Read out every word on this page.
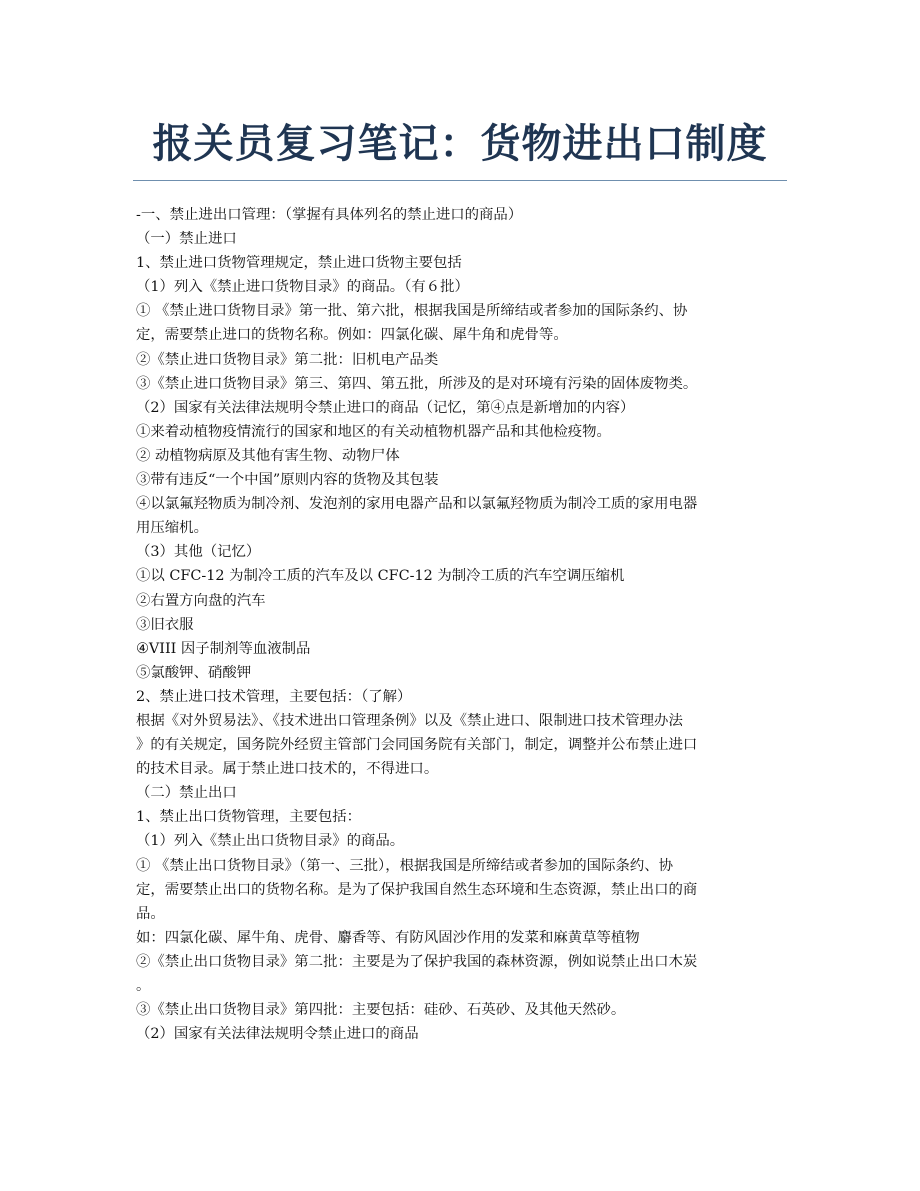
报关员复习笔记：货物进出口制度
-一、禁止进出口管理：（掌握有具体列名的禁止进口的商品）
（一）禁止进口
1、禁止进口货物管理规定，禁止进口货物主要包括
（1）列入《禁止进口货物目录》的商品。（有６批）
① 《禁止进口货物目录》第一批、第六批，根据我国是所缔结或者参加的国际条约、协
定，需要禁止进口的货物名称。例如：四氯化碳、犀牛角和虎骨等。
②《禁止进口货物目录》第二批：旧机电产品类
③《禁止进口货物目录》第三、第四、第五批，所涉及的是对环境有污染的固体废物类。
（2）国家有关法律法规明令禁止进口的商品（记忆，第④点是新增加的内容）
①来着动植物疫情流行的国家和地区的有关动植物机器产品和其他检疫物。
② 动植物病原及其他有害生物、动物尸体
③带有违反“一个中国”原则内容的货物及其包装
④以氯氟羟物质为制冷剂、发泡剂的家用电器产品和以氯氟羟物质为制冷工质的家用电器
用压缩机。
（3）其他（记忆）
①以 CFC-12 为制冷工质的汽车及以 CFC-12 为制冷工质的汽车空调压缩机
②右置方向盘的汽车
③旧衣服
④VIII 因子制剂等血液制品
⑤氯酸钾、硝酸钾
2、禁止进口技术管理，主要包括：（了解）
根据《对外贸易法》、《技术进出口管理条例》以及《禁止进口、限制进口技术管理办法
》的有关规定，国务院外经贸主管部门会同国务院有关部门，制定，调整并公布禁止进口
的技术目录。属于禁止进口技术的，不得进口。
（二）禁止出口
1、禁止出口货物管理，主要包括：
（1）列入《禁止出口货物目录》的商品。
① 《禁止出口货物目录》（第一、三批），根据我国是所缔结或者参加的国际条约、协
定，需要禁止出口的货物名称。是为了保护我国自然生态环境和生态资源，禁止出口的商
品。
如：四氯化碳、犀牛角、虎骨、麝香等、有防风固沙作用的发菜和麻黄草等植物
②《禁止出口货物目录》第二批：主要是为了保护我国的森林资源，例如说禁止出口木炭
。
③《禁止出口货物目录》第四批：主要包括：硅砂、石英砂、及其他天然砂。
（2）国家有关法律法规明令禁止进口的商品
